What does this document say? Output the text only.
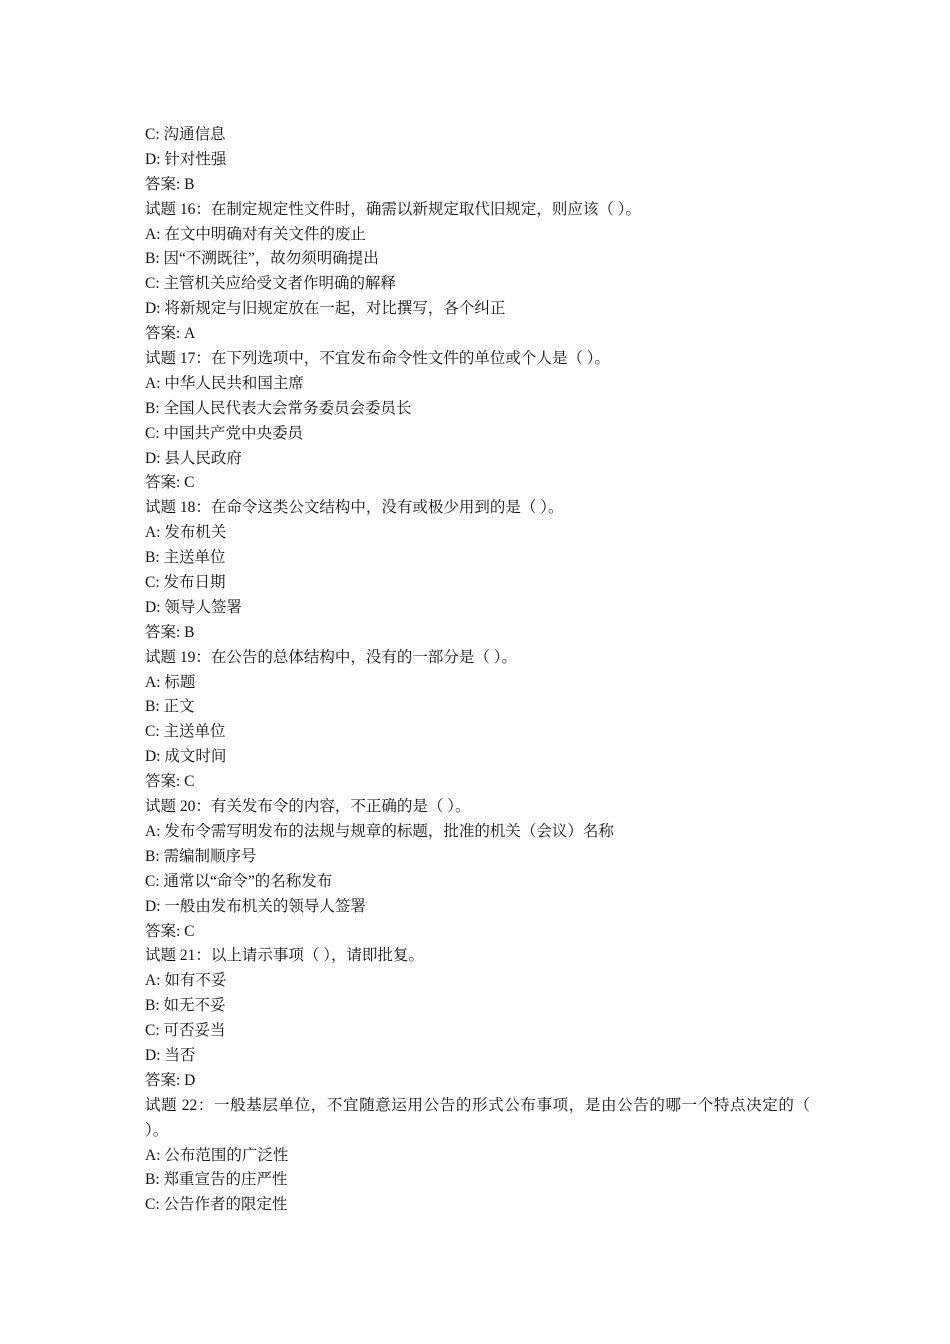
C: 沟通信息
D: 针对性强
答案: B
试题 16：在制定规定性文件时，确需以新规定取代旧规定，则应该（ ）。
A: 在文中明确对有关文件的废止
B: 因“不溯既往”，故勿须明确提出
C: 主管机关应给受文者作明确的解释
D: 将新规定与旧规定放在一起，对比撰写，各个纠正
答案: A
试题 17：在下列选项中，不宜发布命令性文件的单位或个人是（ ）。
A: 中华人民共和国主席
B: 全国人民代表大会常务委员会委员长
C: 中国共产党中央委员
D: 县人民政府
答案: C
试题 18：在命令这类公文结构中，没有或极少用到的是（ ）。
A: 发布机关
B: 主送单位
C: 发布日期
D: 领导人签署
答案: B
试题 19：在公告的总体结构中，没有的一部分是（ ）。
A: 标题
B: 正文
C: 主送单位
D: 成文时间
答案: C
试题 20：有关发布令的内容，不正确的是（ ）。
A: 发布令需写明发布的法规与规章的标题，批准的机关（会议）名称
B: 需编制顺序号
C: 通常以“命令”的名称发布
D: 一般由发布机关的领导人签署
答案: C
试题 21：以上请示事项（ ），请即批复。
A: 如有不妥
B: 如无不妥
C: 可否妥当
D: 当否
答案: D
试题 22：一般基层单位，不宜随意运用公告的形式公布事项，是由公告的哪一个特点决定的（ ）。
A: 公布范围的广泛性
B: 郑重宣告的庄严性
C: 公告作者的限定性
